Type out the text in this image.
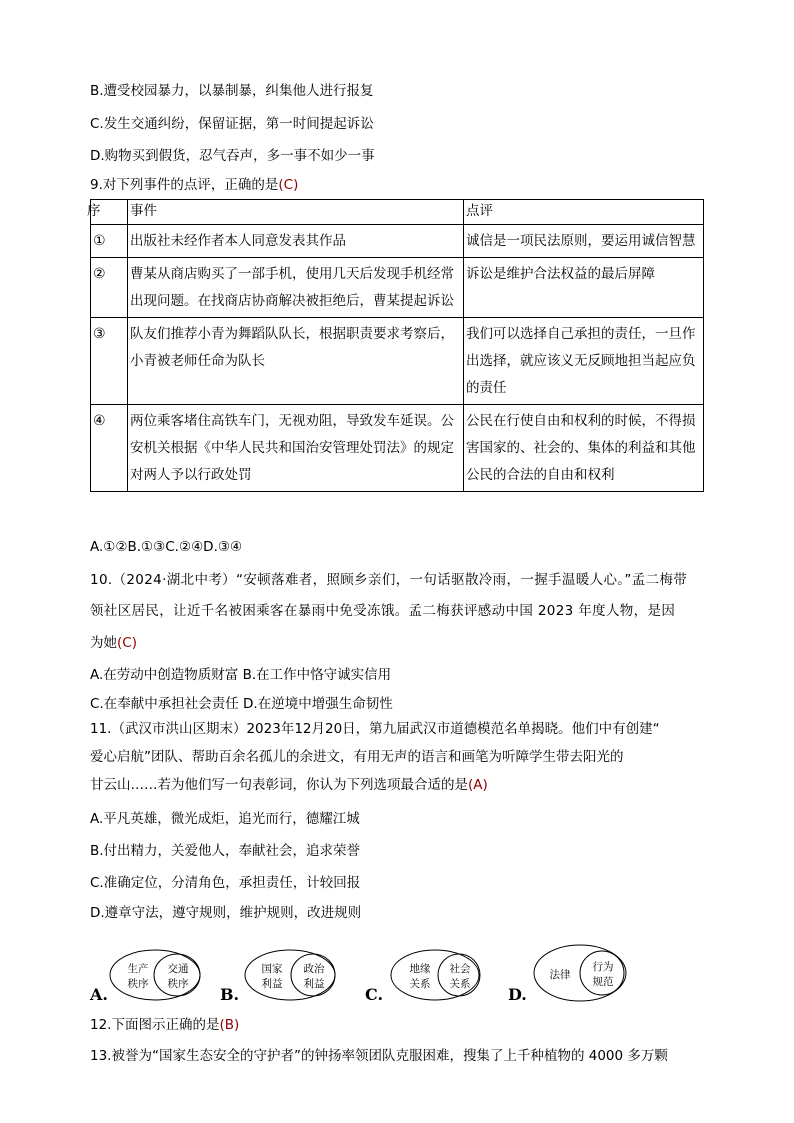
B.遭受校园暴力，以暴制暴，纠集他人进行报复
C.发生交通纠纷，保留证据，第一时间提起诉讼
D.购物买到假货，忍气吞声，多一事不如少一事
9.对下列事件的点评，正确的是(C)
序	事件	点评
①	出版社未经作者本人同意发表其作品	诚信是一项民法原则，要运用诚信智慧
②	曹某从商店购买了一部手机，使用几天后发现手机经常出现问题。在找商店协商解决被拒绝后，曹某提起诉讼	诉讼是维护合法权益的最后屏障
③	队友们推荐小青为舞蹈队队长，根据职责要求考察后，小青被老师任命为队长	我们可以选择自己承担的责任，一旦作出选择，就应该义无反顾地担当起应负的责任
④	两位乘客堵住高铁车门，无视劝阻，导致发车延误。公安机关根据《中华人民共和国治安管理处罚法》的规定对两人予以行政处罚	公民在行使自由和权利的时候，不得损害国家的、社会的、集体的利益和其他公民的合法的自由和权利
A.①②B.①③C.②④D.③④
10.（2024·湖北中考）“安顿落难者，照顾乡亲们，一句话驱散冷雨，一握手温暖人心。”孟二梅带
领社区居民，让近千名被困乘客在暴雨中免受冻饿。孟二梅获评感动中国 2023 年度人物，是因
为她(C)
A.在劳动中创造物质财富 B.在工作中恪守诚实信用
C.在奉献中承担社会责任 D.在逆境中增强生命韧性
11.（武汉市洪山区期末）2023年12月20日，第九届武汉市道德模范名单揭晓。他们中有创建“
爱心启航”团队、帮助百余名孤儿的余进文，有用无声的语言和画笔为听障学生带去阳光的
甘云山……若为他们写一句表彰词，你认为下列选项最合适的是(A)
A.平凡英雄，微光成炬，追光而行，德耀江城
B.付出精力，关爱他人，奉献社会，追求荣誉
C.准确定位，分清角色，承担责任，计较回报
D.遵章守法，遵守规则，维护规则，改进规则
生产
秩序
交通
秩序
国家
利益
政治
利益
地缘
关系
社会
关系
法律
行为
规范
A.	B.	C.	D.
12.下面图示正确的是(B)
13.被誉为“国家生态安全的守护者”的钟扬率领团队克服困难，搜集了上千种植物的 4000 多万颗
